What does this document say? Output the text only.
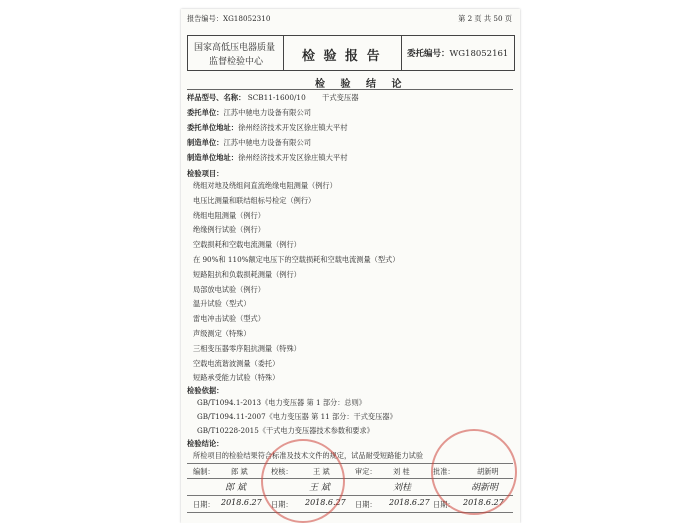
报告编号：XG18052310	第 2 页 共 50 页
国家高低压电器质量
监督检验中心	检 验 报 告	委托编号：WG18052161
检 验 结 论
样品型号、名称： SCB11-1600/10 干式变压器
委托单位：江苏中驰电力设备有限公司
委托单位地址：徐州经济技术开发区徐庄镇大平村
制造单位：江苏中驰电力设备有限公司
制造单位地址：徐州经济技术开发区徐庄镇大平村
检验项目：
绕组对地及绕组间直流绝缘电阻测量（例行）
电压比测量和联结组标号检定（例行）
绕组电阻测量（例行）
绝缘例行试验（例行）
空载损耗和空载电流测量（例行）
在 90%和 110%额定电压下的空载损耗和空载电流测量（型式）
短路阻抗和负载损耗测量（例行）
局部放电试验（例行）
温升试验（型式）
雷电冲击试验（型式）
声级测定（特殊）
三相变压器零序阻抗测量（特殊）
空载电流谐波测量（委托）
短路承受能力试验（特殊）
检验依据：
GB/T1094.1-2013《电力变压器 第 1 部分：总则》
GB/T1094.11-2007《电力变压器 第 11 部分：干式变压器》
GB/T10228-2015《干式电力变压器技术参数和要求》
检验结论：
所检项目的检验结果符合标准及技术文件的规定，试品耐受短路能力试验
编制： 郎 斌	校核：	王 斌	审定： 刘 桂	批准：	胡新明
郎 斌	王 斌	刘桂	胡新明
日期： 2018.6.27 日期： 2018.6.27 日期： 2018.6.27 日期： 2018.6.27
